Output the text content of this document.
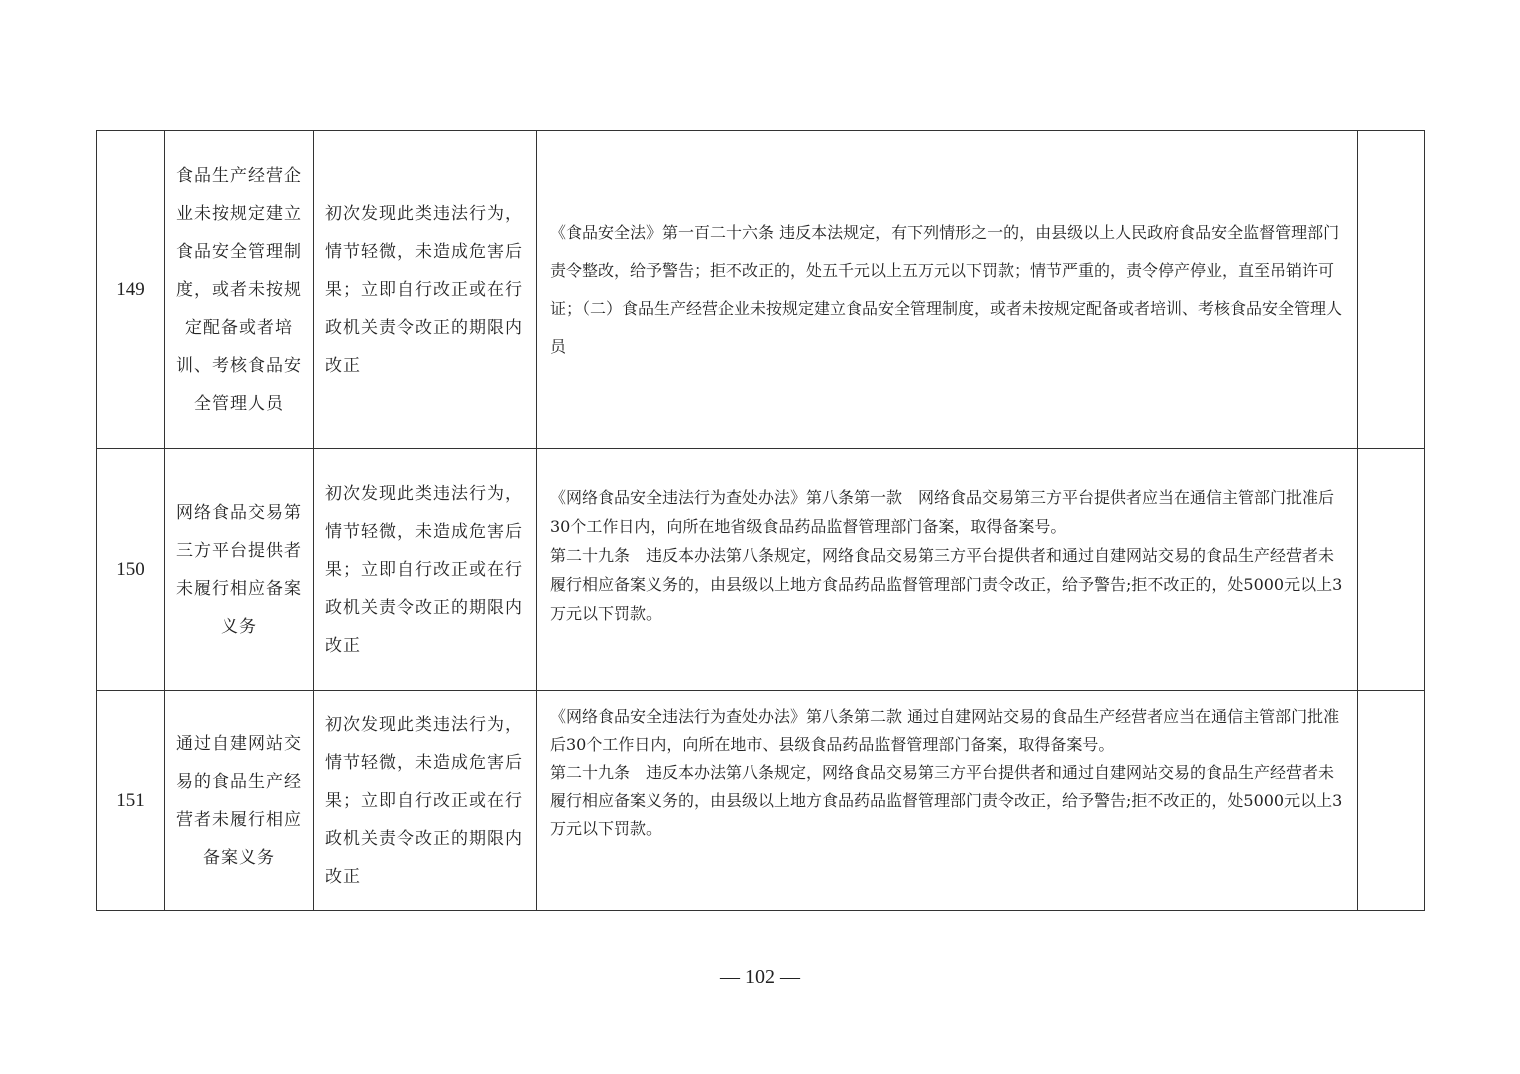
149	食品生产经营企业未按规定建立食品安全管理制度，或者未按规定配备或者培训、考核食品安全管理人员	初次发现此类违法行为，情节轻微，未造成危害后果；立即自行改正或在行政机关责令改正的期限内改正	《食品安全法》第一百二十六条 违反本法规定，有下列情形之一的，由县级以上人民政府食品安全监督管理部门责令整改，给予警告；拒不改正的，处五千元以上五万元以下罚款；情节严重的，责令停产停业，直至吊销许可证；（二）食品生产经营企业未按规定建立食品安全管理制度，或者未按规定配备或者培训、考核食品安全管理人员	

150	网络食品交易第三方平台提供者未履行相应备案义务	初次发现此类违法行为，情节轻微，未造成危害后果；立即自行改正或在行政机关责令改正的期限内改正	《网络食品安全违法行为查处办法》第八条第一款　网络食品交易第三方平台提供者应当在通信主管部门批准后30个工作日内，向所在地省级食品药品监督管理部门备案，取得备案号。

第二十九条　违反本办法第八条规定，网络食品交易第三方平台提供者和通过自建网站交易的食品生产经营者未履行相应备案义务的，由县级以上地方食品药品监督管理部门责令改正，给予警告;拒不改正的，处5000元以上3万元以下罚款。	

151	通过自建网站交易的食品生产经营者未履行相应备案义务	初次发现此类违法行为，情节轻微，未造成危害后果；立即自行改正或在行政机关责令改正的期限内改正	《网络食品安全违法行为查处办法》第八条第二款 通过自建网站交易的食品生产经营者应当在通信主管部门批准后30个工作日内，向所在地市、县级食品药品监督管理部门备案，取得备案号。

第二十九条　违反本办法第八条规定，网络食品交易第三方平台提供者和通过自建网站交易的食品生产经营者未履行相应备案义务的，由县级以上地方食品药品监督管理部门责令改正，给予警告;拒不改正的，处5000元以上3万元以下罚款。	

— 102 —
